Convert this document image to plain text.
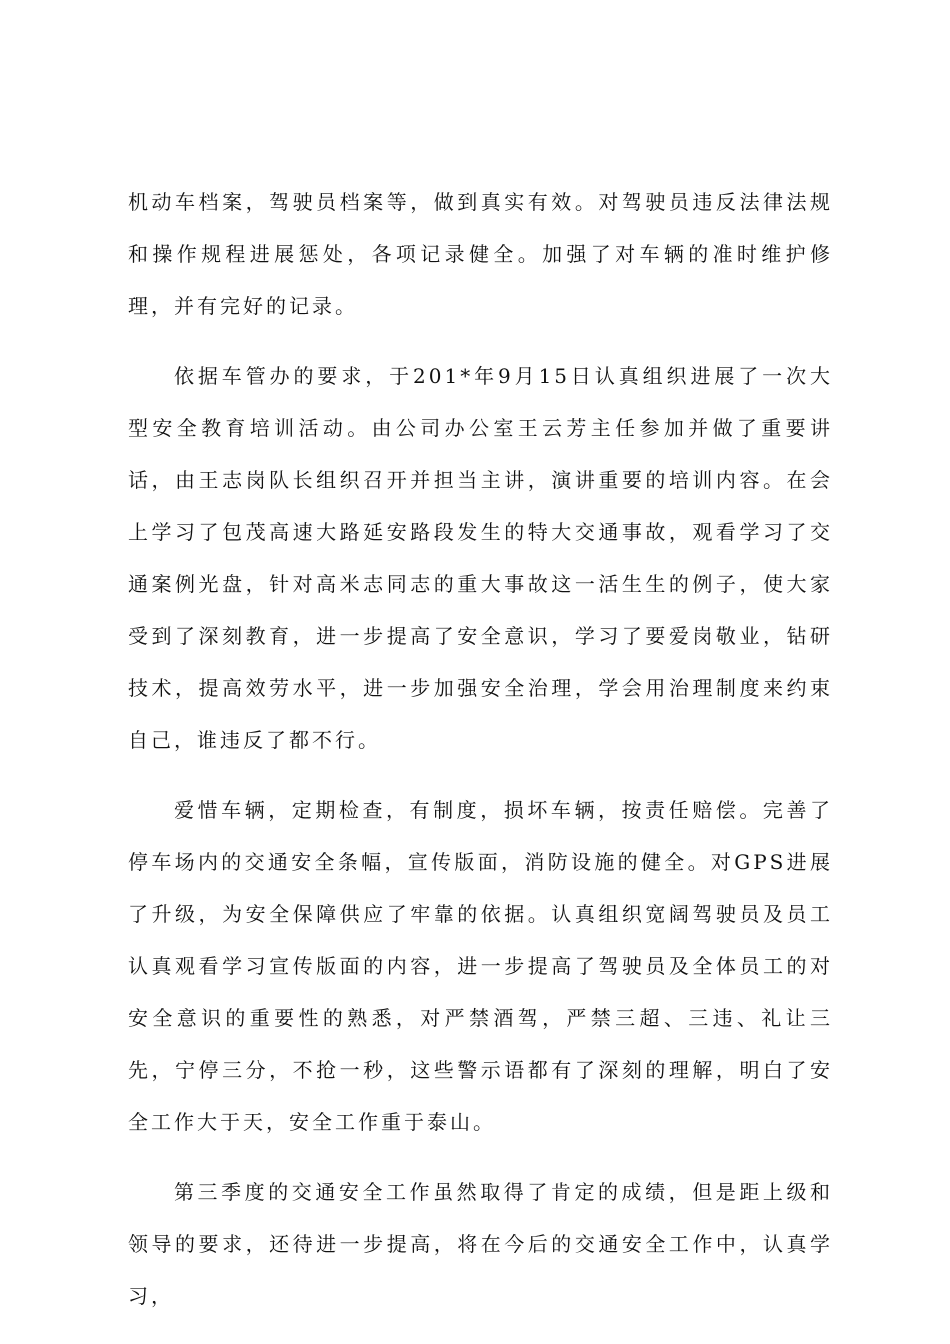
机动车档案，驾驶员档案等，做到真实有效。对驾驶员违反法律法规和操作规程进展惩处，各项记录健全。加强了对车辆的准时维护修理，并有完好的记录。

依据车管办的要求，于201*年9月15日认真组织进展了一次大型安全教育培训活动。由公司办公室王云芳主任参加并做了重要讲话，由王志岗队长组织召开并担当主讲，演讲重要的培训内容。在会上学习了包茂高速大路延安路段发生的特大交通事故，观看学习了交通案例光盘，针对高米志同志的重大事故这一活生生的例子，使大家受到了深刻教育，进一步提高了安全意识，学习了要爱岗敬业，钻研技术，提高效劳水平，进一步加强安全治理，学会用治理制度来约束自己，谁违反了都不行。

爱惜车辆，定期检查，有制度，损坏车辆，按责任赔偿。完善了停车场内的交通安全条幅，宣传版面，消防设施的健全。对GPS进展了升级，为安全保障供应了牢靠的依据。认真组织宽阔驾驶员及员工认真观看学习宣传版面的内容，进一步提高了驾驶员及全体员工的对安全意识的重要性的熟悉，对严禁酒驾，严禁三超、三违、礼让三先，宁停三分，不抢一秒，这些警示语都有了深刻的理解，明白了安全工作大于天，安全工作重于泰山。

第三季度的交通安全工作虽然取得了肯定的成绩，但是距上级和领导的要求，还待进一步提高，将在今后的交通安全工作中，认真学习，
